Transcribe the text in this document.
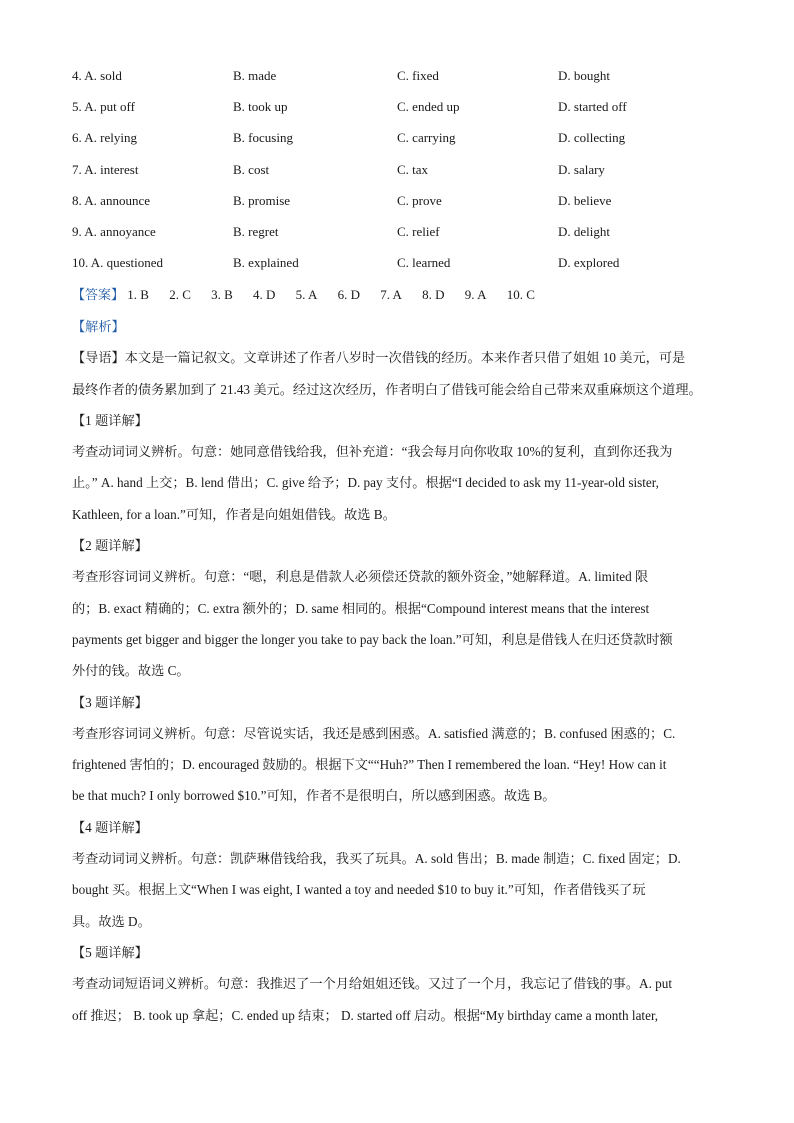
4. A. sold	B. made	C. fixed	D. bought
5. A. put off	B. took up	C. ended up	D. started off
6. A. relying	B. focusing	C. carrying	D. collecting
7. A. interest	B. cost	C. tax	D. salary
8. A. announce	B. promise	C. prove	D. believe
9. A. annoyance	B. regret	C. relief	D. delight
10. A. questioned	B. explained	C. learned	D. explored
【答案】 1. B 2. C 3. B 4. D 5. A 6. D 7. A 8. D 9. A 10. C
【解析】
【导语】本文是一篇记叙文。文章讲述了作者八岁时一次借钱的经历。本来作者只借了姐姐 10 美元，可是
最终作者的债务累加到了 21.43 美元。经过这次经历，作者明白了借钱可能会给自己带来双重麻烦这个道理。
【1 题详解】
考查动词词义辨析。句意：她同意借钱给我，但补充道：“我会每月向你收取 10%的复利，直到你还我为
止。” A. hand 上交；B. lend 借出；C. give 给予；D. pay 支付。根据“I decided to ask my 11-year-old sister,
Kathleen, for a loan.”可知，作者是向姐姐借钱。故选 B。
【2 题详解】
考查形容词词义辨析。句意：“嗯，利息是借款人必须偿还贷款的额外资金，”她解释道。A. limited 限
的；B. exact 精确的；C. extra 额外的；D. same 相同的。根据“Compound interest means that the interest
payments get bigger and bigger the longer you take to pay back the loan.”可知，利息是借钱人在归还贷款时额
外付的钱。故选 C。
【3 题详解】
考查形容词词义辨析。句意：尽管说实话，我还是感到困惑。A. satisfied 满意的；B. confused 困惑的；C.
frightened 害怕的；D. encouraged 鼓励的。根据下文““Huh?” Then I remembered the loan. “Hey! How can it
be that much? I only borrowed $10.”可知，作者不是很明白，所以感到困惑。故选 B。
【4 题详解】
考查动词词义辨析。句意：凯萨琳借钱给我，我买了玩具。A. sold 售出；B. made 制造；C. fixed 固定；D.
bought 买。根据上文“When I was eight, I wanted a toy and needed $10 to buy it.”可知，作者借钱买了玩
具。故选 D。
【5 题详解】
考查动词短语词义辨析。句意：我推迟了一个月给姐姐还钱。又过了一个月，我忘记了借钱的事。A. put
off 推迟； B. took up 拿起；C. ended up 结束； D. started off 启动。根据“My birthday came a month later,
